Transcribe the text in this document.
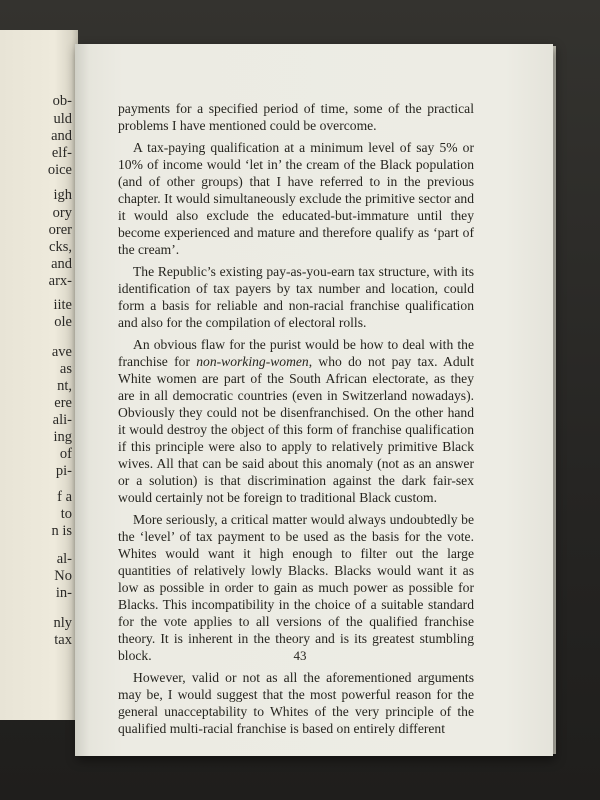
ob-
uld
and
elf-
oice
igh
ory
orer
cks,
and
arx-
iite
ole
ave
as
nt,
ere
ali-
ing
of
pi-
f a
to
n is
al-
No
in-
nly
tax

payments for a specified period of time, some of the practical problems I have mentioned could be overcome.

A tax-paying qualification at a minimum level of say 5% or 10% of income would ‘let in’ the cream of the Black population (and of other groups) that I have referred to in the previous chapter. It would simultaneously exclude the primitive sector and it would also exclude the educated-but-immature until they become experienced and mature and therefore qualify as ‘part of the cream’.

The Republic’s existing pay-as-you-earn tax structure, with its identification of tax payers by tax number and location, could form a basis for reliable and non-racial franchise qualification and also for the compilation of electoral rolls.

An obvious flaw for the purist would be how to deal with the franchise for non-working-women, who do not pay tax. Adult White women are part of the South African electorate, as they are in all democratic countries (even in Switzerland nowadays). Obviously they could not be disenfranchised. On the other hand it would destroy the object of this form of franchise qualification if this principle were also to apply to relatively primitive Black wives. All that can be said about this anomaly (not as an answer or a solution) is that discrimination against the dark fair-sex would certainly not be foreign to traditional Black custom.

More seriously, a critical matter would always undoubtedly be the ‘level’ of tax payment to be used as the basis for the vote. Whites would want it high enough to filter out the large quantities of relatively lowly Blacks. Blacks would want it as low as possible in order to gain as much power as possible for Blacks. This incompatibility in the choice of a suitable standard for the vote applies to all versions of the qualified franchise theory. It is inherent in the theory and is its greatest stumbling block.

However, valid or not as all the aforementioned arguments may be, I would suggest that the most powerful reason for the general unacceptability to Whites of the very principle of the qualified multi-racial franchise is based on entirely different

43
